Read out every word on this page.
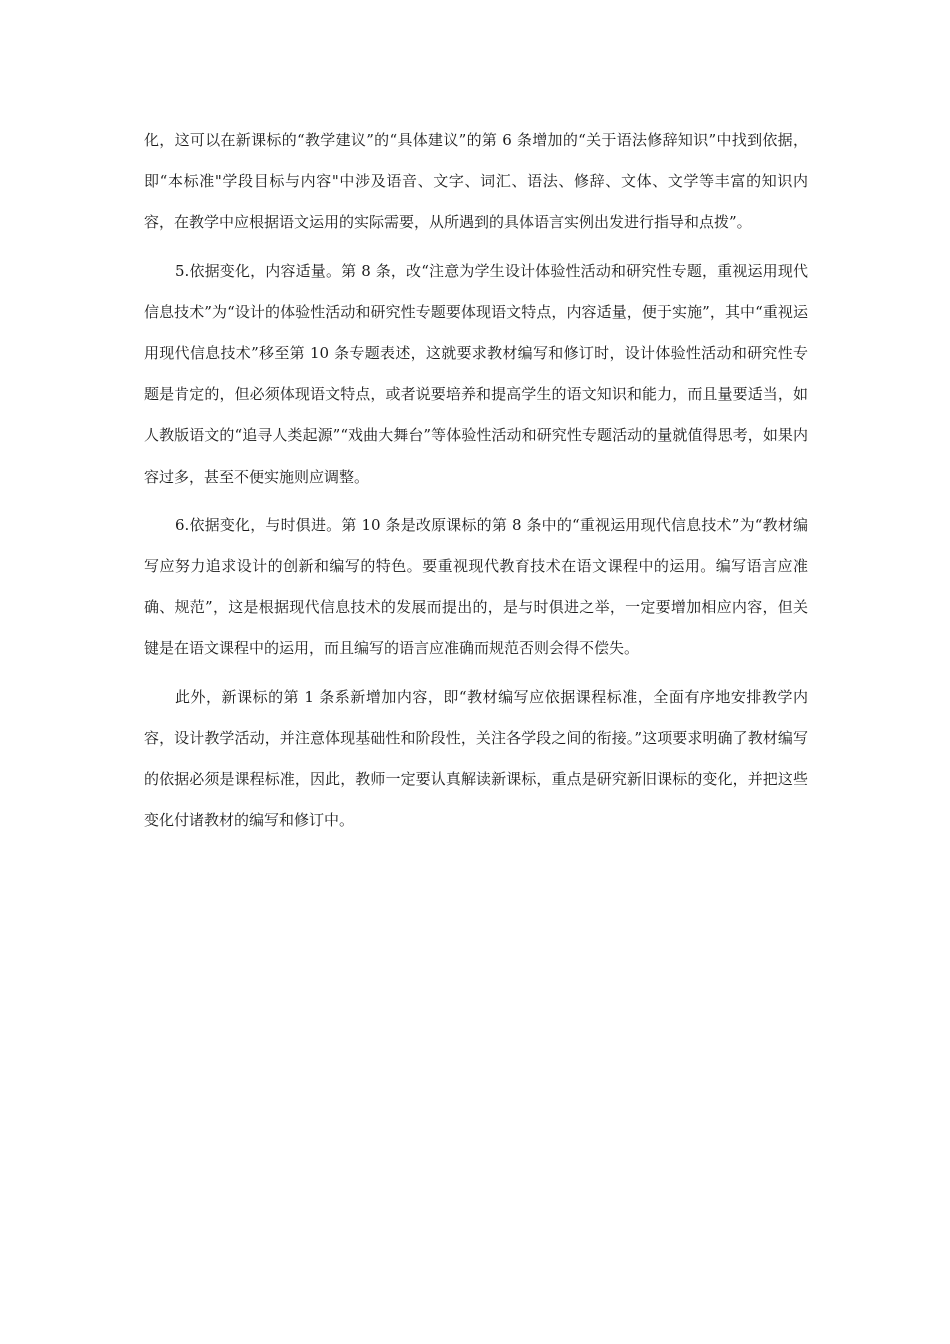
化，这可以在新课标的“教学建议”的“具体建议”的第 6 条增加的“关于语法修辞知识”中找到依据，即“本标准"学段目标与内容"中涉及语音、文字、词汇、语法、修辞、文体、文学等丰富的知识内容，在教学中应根据语文运用的实际需要，从所遇到的具体语言实例出发进行指导和点拨”。

5.依据变化，内容适量。第 8 条，改“注意为学生设计体验性活动和研究性专题，重视运用现代信息技术”为“设计的体验性活动和研究性专题要体现语文特点，内容适量，便于实施”，其中“重视运用现代信息技术”移至第 10 条专题表述，这就要求教材编写和修订时，设计体验性活动和研究性专题是肯定的，但必须体现语文特点，或者说要培养和提高学生的语文知识和能力，而且量要适当，如人教版语文的“追寻人类起源”“戏曲大舞台”等体验性活动和研究性专题活动的量就值得思考，如果内容过多，甚至不便实施则应调整。

6.依据变化，与时俱进。第 10 条是改原课标的第 8 条中的“重视运用现代信息技术”为“教材编写应努力追求设计的创新和编写的特色。要重视现代教育技术在语文课程中的运用。编写语言应准确、规范”，这是根据现代信息技术的发展而提出的，是与时俱进之举，一定要增加相应内容，但关键是在语文课程中的运用，而且编写的语言应准确而规范否则会得不偿失。

此外，新课标的第 1 条系新增加内容，即“教材编写应依据课程标准，全面有序地安排教学内容，设计教学活动，并注意体现基础性和阶段性，关注各学段之间的衔接。”这项要求明确了教材编写的依据必须是课程标准，因此，教师一定要认真解读新课标，重点是研究新旧课标的变化，并把这些变化付诸教材的编写和修订中。
